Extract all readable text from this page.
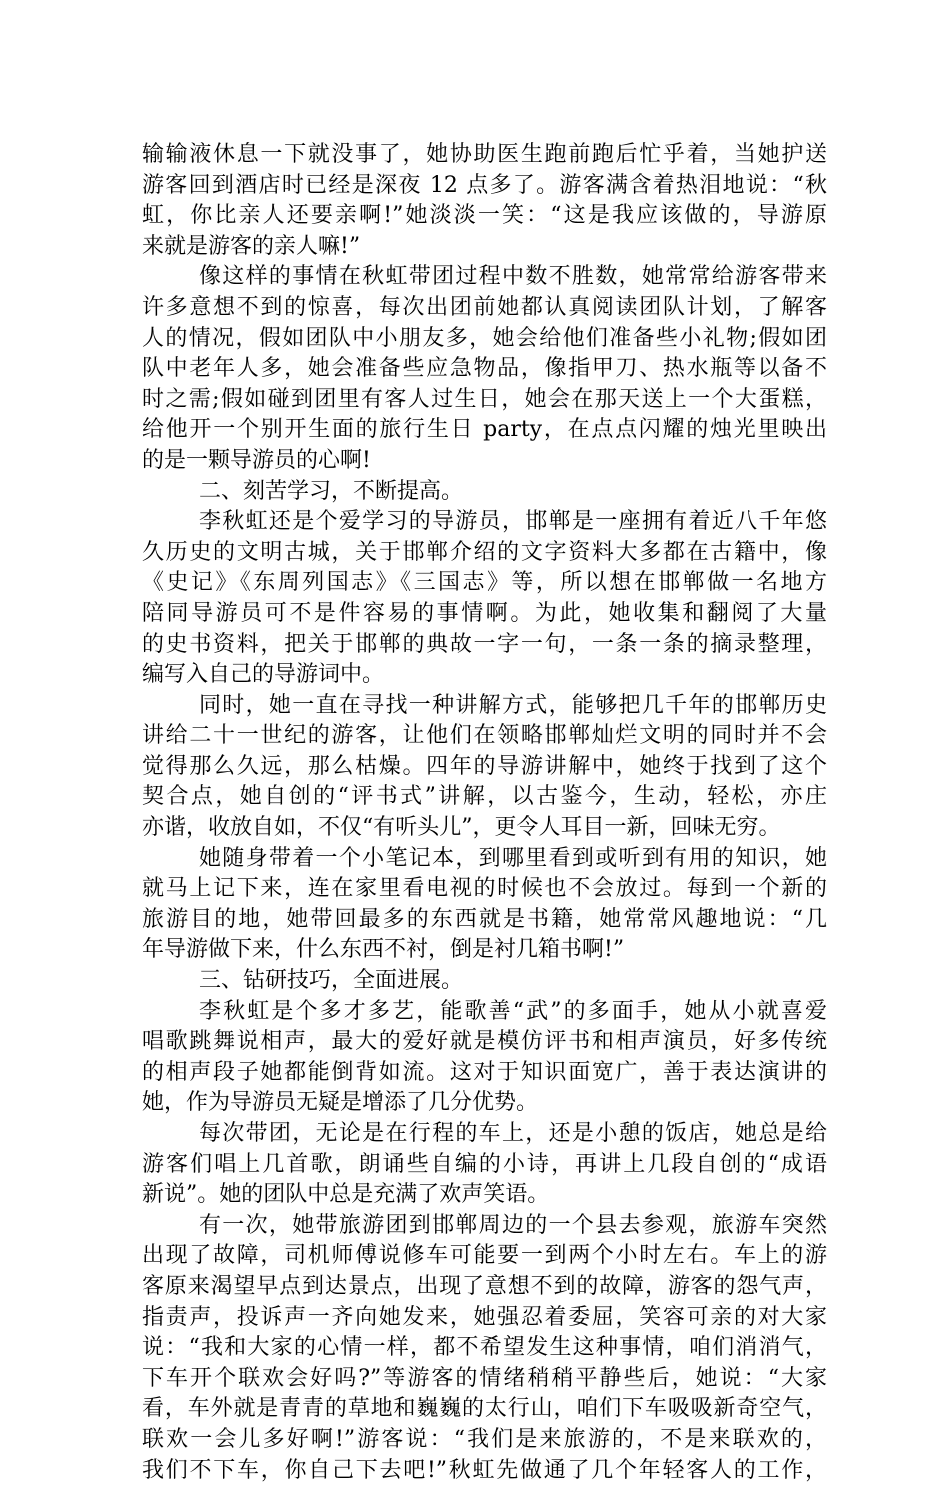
输输液休息一下就没事了，她协助医生跑前跑后忙乎着，当她护送
游客回到酒店时已经是深夜 12 点多了。游客满含着热泪地说：“秋
虹，你比亲人还要亲啊!”她淡淡一笑：“这是我应该做的，导游原
来就是游客的亲人嘛!”
像这样的事情在秋虹带团过程中数不胜数，她常常给游客带来
许多意想不到的惊喜，每次出团前她都认真阅读团队计划，了解客
人的情况，假如团队中小朋友多，她会给他们准备些小礼物;假如团
队中老年人多，她会准备些应急物品，像指甲刀、热水瓶等以备不
时之需;假如碰到团里有客人过生日，她会在那天送上一个大蛋糕，
给他开一个别开生面的旅行生日 party，在点点闪耀的烛光里映出
的是一颗导游员的心啊!
二、刻苦学习，不断提高。
李秋虹还是个爱学习的导游员，邯郸是一座拥有着近八千年悠
久历史的文明古城，关于邯郸介绍的文字资料大多都在古籍中，像
《史记》《东周列国志》《三国志》等，所以想在邯郸做一名地方
陪同导游员可不是件容易的事情啊。为此，她收集和翻阅了大量
的史书资料，把关于邯郸的典故一字一句，一条一条的摘录整理，
编写入自己的导游词中。
同时，她一直在寻找一种讲解方式，能够把几千年的邯郸历史
讲给二十一世纪的游客，让他们在领略邯郸灿烂文明的同时并不会
觉得那么久远，那么枯燥。四年的导游讲解中，她终于找到了这个
契合点，她自创的“评书式”讲解，以古鉴今，生动，轻松，亦庄
亦谐，收放自如，不仅“有听头儿”，更令人耳目一新，回味无穷。
她随身带着一个小笔记本，到哪里看到或听到有用的知识，她
就马上记下来，连在家里看电视的时候也不会放过。每到一个新的
旅游目的地，她带回最多的东西就是书籍，她常常风趣地说：“几
年导游做下来，什么东西不衬，倒是衬几箱书啊!”
三、钻研技巧，全面进展。
李秋虹是个多才多艺，能歌善“武”的多面手，她从小就喜爱
唱歌跳舞说相声，最大的爱好就是模仿评书和相声演员，好多传统
的相声段子她都能倒背如流。这对于知识面宽广，善于表达演讲的
她，作为导游员无疑是增添了几分优势。
每次带团，无论是在行程的车上，还是小憩的饭店，她总是给
游客们唱上几首歌，朗诵些自编的小诗，再讲上几段自创的“成语
新说”。她的团队中总是充满了欢声笑语。
有一次，她带旅游团到邯郸周边的一个县去参观，旅游车突然
出现了故障，司机师傅说修车可能要一到两个小时左右。车上的游
客原来渴望早点到达景点，出现了意想不到的故障，游客的怨气声，
指责声，投诉声一齐向她发来，她强忍着委屈，笑容可亲的对大家
说：“我和大家的心情一样，都不希望发生这种事情，咱们消消气，
下车开个联欢会好吗?”等游客的情绪稍稍平静些后，她说：“大家
看，车外就是青青的草地和巍巍的太行山，咱们下车吸吸新奇空气，
联欢一会儿多好啊!”游客说：“我们是来旅游的，不是来联欢的，
我们不下车，你自己下去吧!”秋虹先做通了几个年轻客人的工作，
